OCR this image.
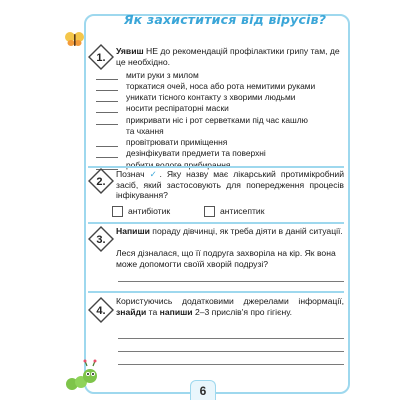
Як захиститися від вірусів?
1.
Уявиш НЕ до рекомендацій профілактики грипу там, де це необхідно.
мити руки з милом
торкатися очей, носа або рота немитими руками
уникати тісного контакту з хворими людьми
носити респіраторні маски
прикривати ніс і рот серветками під час кашлю
та чхання
провітрювати приміщення
дезінфікувати предмети та поверхні
робити вологе прибирання
2.
Познач ✓. Яку назву має лікарський протимікробний засіб, який застосовують для попередження процесів інфікування?
антибіотик	антисептик
3.
Напиши пораду дівчинці, як треба діяти в даній ситуації.
Леся дізналася, що її подруга захворіла на кір. Як вона може допомогти своїй хворій подрузі?
4.
Користуючись додатковими джерелами інформації, знайди та напиши 2–3 прислів'я про гігієну.
6
